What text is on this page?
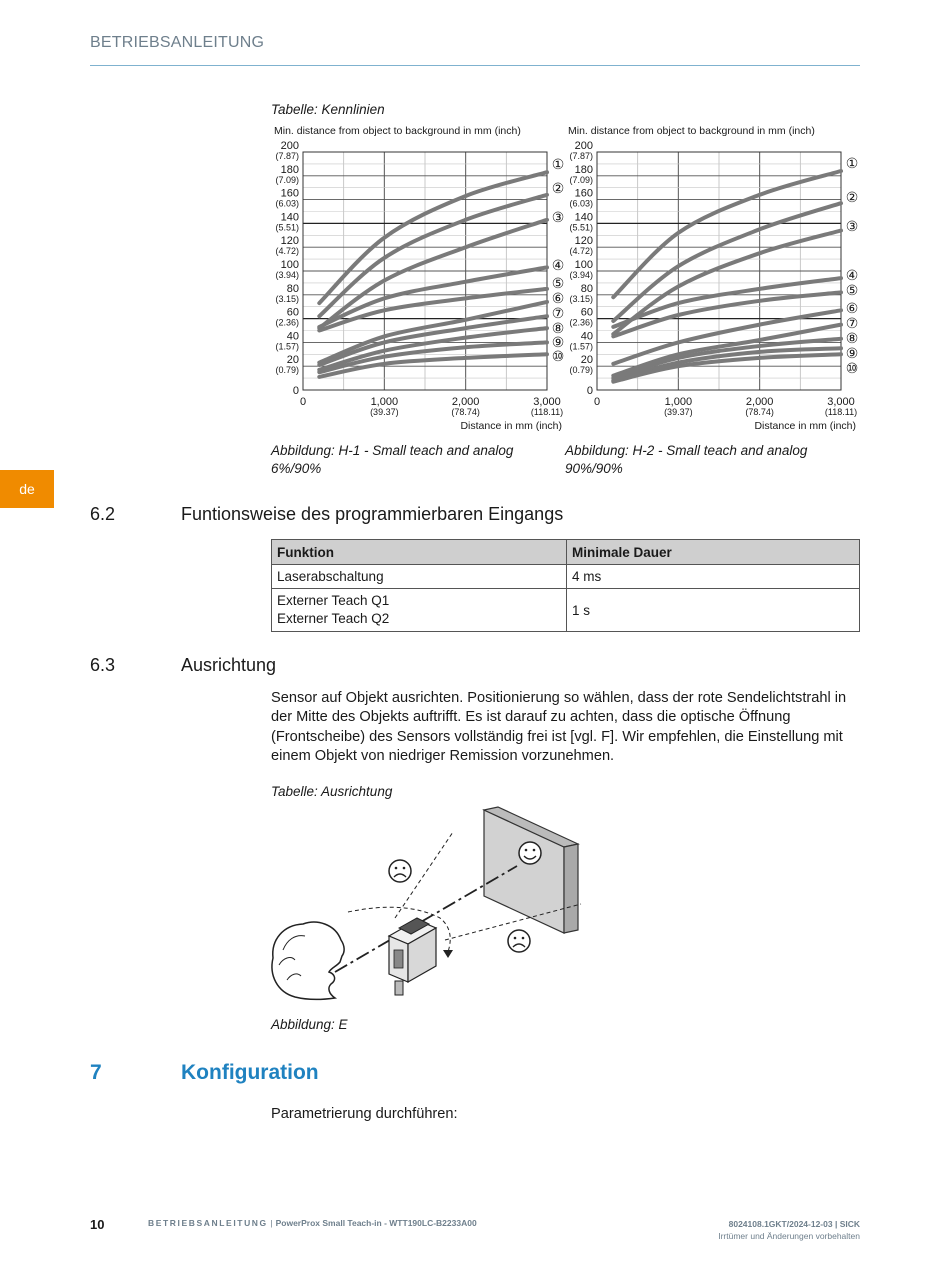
BETRIEBSANLEITUNG
de
Tabelle: Kennlinien
Min. distance from object to background in mm (inch)
200
(7.87)
180
(7.09)
160
(6.03)
140
(5.51)
120
(4.72)
100
(3.94)
80
(3.15)
60
(2.36)
40
(1.57)
20
(0.79)
0
0	1,000
(39.37)
2,000
(78.74)
3,000
(118.11)
Distance in mm (inch)
①
②
③
④
⑤
⑥
⑦
⑧
⑨
⑩
Min. distance from object to background in mm (inch)
200
(7.87)
180
(7.09)
160
(6.03)
140
(5.51)
120
(4.72)
100
(3.94)
80
(3.15)
60
(2.36)
40
(1.57)
20
(0.79)
0
0	1,000
(39.37)
2,000
(78.74)
3,000
(118.11)
Distance in mm (inch)
①
②
③
④
⑤
⑥
⑦
⑧
⑨
⑩
Abbildung: H-1 - Small teach and analog
6%/90%
Abbildung: H-2 - Small teach and analog
90%/90%
6.2	Funtionsweise des programmierbaren Eingangs
Funktion	Minimale Dauer
Laserabschaltung	4 ms

Externer Teach Q1
Externer Teach Q2	1 s
6.3	Ausrichtung
Sensor auf Objekt ausrichten. Positionierung so wählen, dass der rote Sendelichtstrahl in der Mitte des Objekts auftrifft. Es ist darauf zu achten, dass die optische Öffnung (Frontscheibe) des Sensors vollständig frei ist [vgl. F]. Wir empfehlen, die Einstellung mit einem Objekt von niedriger Remission vorzunehmen.
Tabelle: Ausrichtung
Abbildung: E
7	Konfiguration
Parametrierung durchführen:
10	BETRIEBSANLEITUNG | PowerProx Small Teach-in - WTT190LC-B2233A00	8024108.1GKT/2024-12-03 | SICK
Irrtümer und Änderungen vorbehalten
